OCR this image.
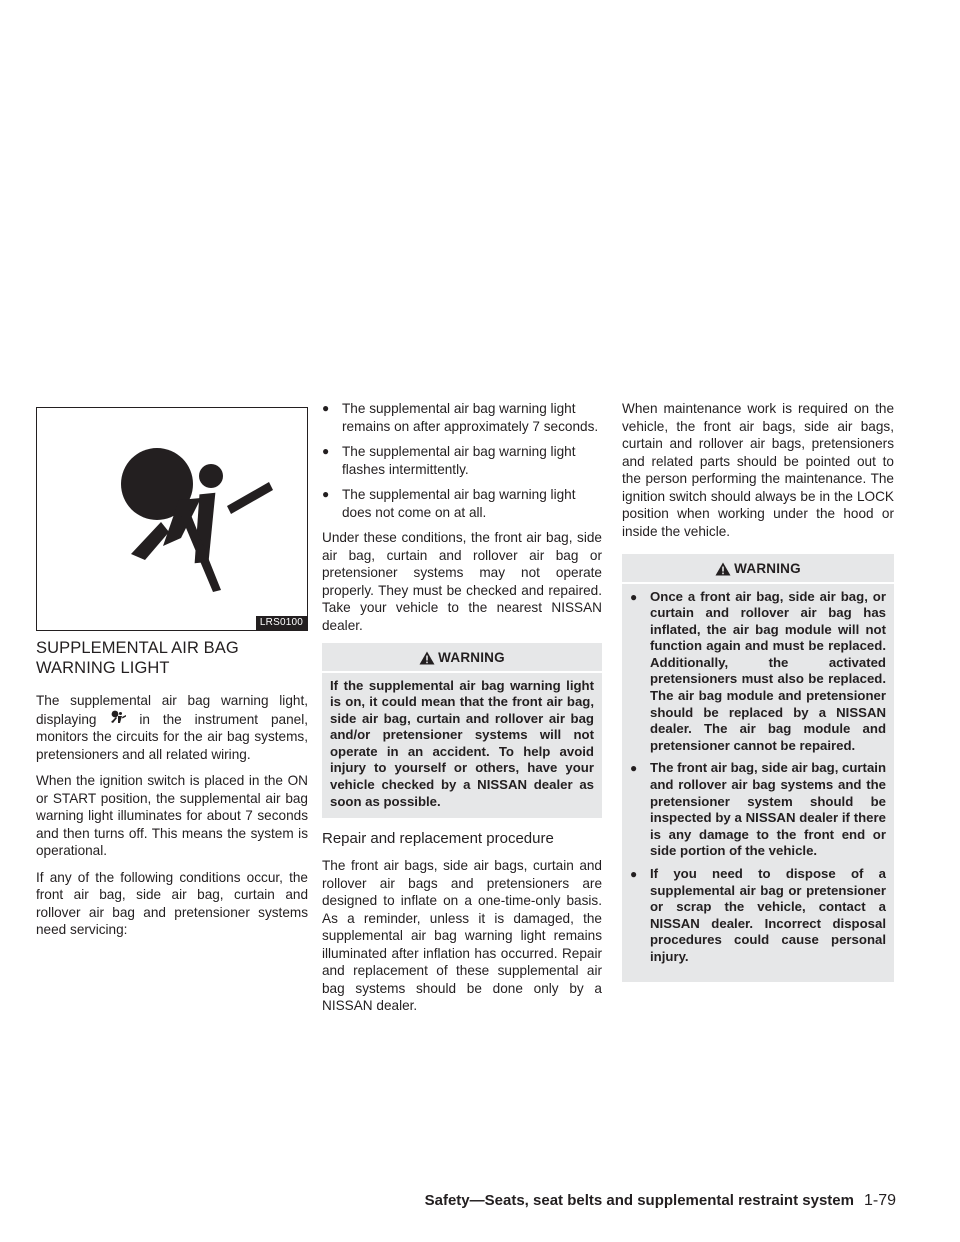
LRS0100
SUPPLEMENTAL AIR BAG
WARNING LIGHT

The supplemental air bag warning light, displaying	in the instrument panel, monitors the circuits for the air bag systems, pretensioners and all related wiring.

When the ignition switch is placed in the ON or START position, the supplemental air bag warning light illuminates for about 7 seconds and then turns off. This means the system is operational.

If any of the following conditions occur, the front air bag, side air bag, curtain and rollover air bag and pretensioner systems need servicing:

● The supplemental air bag warning light remains on after approximately 7 seconds.
● The supplemental air bag warning light flashes intermittently.
● The supplemental air bag warning light does not come on at all.

Under these conditions, the front air bag, side air bag, curtain and rollover air bag or pretensioner systems may not operate properly. They must be checked and repaired. Take your vehicle to the nearest NISSAN dealer.

WARNING
If the supplemental air bag warning light is on, it could mean that the front air bag, side air bag, curtain and rollover air bag and/or pretensioner systems will not operate in an accident. To help avoid injury to yourself or others, have your vehicle checked by a NISSAN dealer as soon as possible.
Repair and replacement procedure

The front air bags, side air bags, curtain and rollover air bags and pretensioners are designed to inflate on a one-time-only basis. As a reminder, unless it is damaged, the supplemental air bag warning light remains illuminated after inflation has occurred. Repair and replacement of these supplemental air bag systems should be done only by a NISSAN dealer.

When maintenance work is required on the vehicle, the front air bags, side air bags, curtain and rollover air bags, pretensioners and related parts should be pointed out to the person performing the maintenance. The ignition switch should always be in the LOCK position when working under the hood or inside the vehicle.

WARNING
● Once a front air bag, side air bag, or curtain and rollover air bag has inflated, the air bag module will not function again and must be replaced. Additionally, the activated pretensioners must also be replaced. The air bag module and pretensioner should be replaced by a NISSAN dealer. The air bag module and pretensioner cannot be repaired.
● The front air bag, side air bag, curtain and rollover air bag systems and the pretensioner system should be inspected by a NISSAN dealer if there is any damage to the front end or side portion of the vehicle.
● If you need to dispose of a supplemental air bag or pretensioner or scrap the vehicle, contact a NISSAN dealer. Incorrect disposal procedures could cause personal injury.
Safety—Seats, seat belts and supplemental restraint system 1-79
